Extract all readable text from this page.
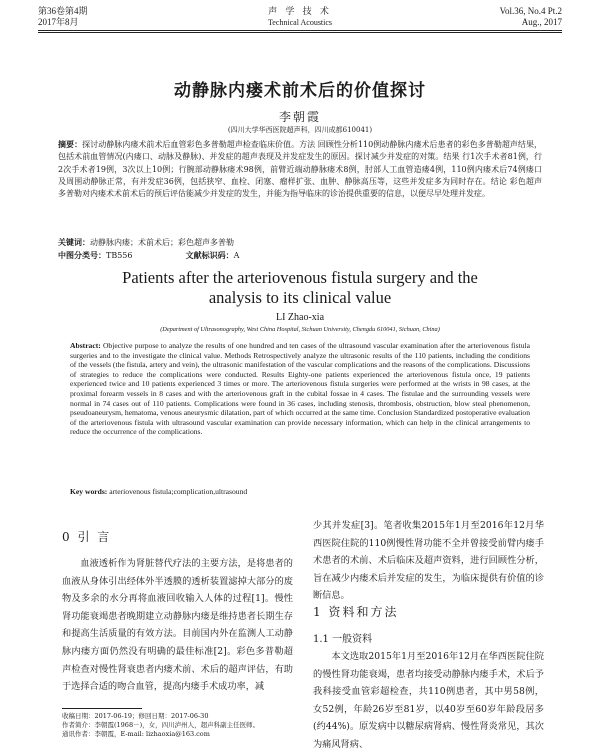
第36卷第4期
2017年8月
声 学 技 术
Technical Acoustics
Vol.36, No.4 Pt.2
Aug., 2017
动静脉内瘘术前术后的价值探讨
李朝霞
(四川大学华西医院超声科，四川成都610041)
摘要：探讨动静脉内瘘术前术后血管彩色多普勒超声检查临床价值。方法 回顾性分析110例动静脉内瘘术后患者的彩色多普勒超声结果，包括术前血管情况(内瘘口、动脉及静脉)、并发症的超声表现及并发症发生的原因。探讨减少并发症的对策。结果 行1次手术者81例，行2次手术者19例，3次以上10例；行腕部动静脉瘘术98例，前臂近端动静脉瘘术8例，肘部人工血管造瘘4例，110例内瘘术后74例瘘口及周围动静脉正常，有并发症36例，包括狭窄、血栓、闭塞、瘤样扩张、血肿、静脉高压等，这些并发症多为同时存在。结论 彩色超声多普勒对内瘘术术前术后的预后评估能减少并发症的发生，并能为指导临床的诊治提供重要的信息，以便尽早处理并发症。
关键词：动静脉内瘘；术前术后；彩色超声多普勒
中图分类号：TB556	文献标识码：A
Patients after the arteriovenous fistula surgery and the
analysis to its clinical value
LI Zhao-xia
(Department of Ultrasonography, West China Hospital, Sichuan University, Chengdu 610041, Sichuan, China)
Abstract: Objective purpose to analyze the results of one hundred and ten cases of the ultrasound vascular examination after the arteriovenous fistula surgeries and to the investigate the clinical value. Methods Retrospectively analyze the ultrasonic results of the 110 patients, including the conditions of the vessels (the fistula, artery and vein), the ultrasonic manifestation of the vascular complications and the reasons of the complications. Discussions of strategies to reduce the complications were conducted. Results Eighty-one patients experienced the arteriovenous fistula once, 19 patients experienced twice and 10 patients experienced 3 times or more. The arteriovenous fistula surgeries were performed at the wrists in 98 cases, at the proximal forearm vessels in 8 cases and with the arteriovenous graft in the cubital fossae in 4 cases. The fistulae and the surrounding vessels were normal in 74 cases out of 110 patients. Complications were found in 36 cases, including stenosis, thrombosis, obstruction, blow steal phenomenon, pseudoaneurysm, hematoma, venous aneurysmic dilatation, part of which occurred at the same time. Conclusion Standardized postoperative evaluation of the arteriovenous fistula with ultrasound vascular examination can provide necessary information, which can help in the clinical arrangements to reduce the occurrence of the complications.
Key words: arteriovenous fistula;complication,ultrasound
0 引 言
血液透析作为肾脏替代疗法的主要方法，是将患者的血液从身体引出经体外半透膜的透析装置滤掉大部分的废物及多余的水分再将血液回收输入人体的过程[1]。慢性肾功能衰竭患者晚期建立动静脉内瘘是维持患者长期生存和提高生活质量的有效方法。目前国内外在监测人工动静脉内瘘方面仍然没有明确的最佳标准[2]。彩色多普勒超声检查对慢性肾衰患者内瘘术前、术后的超声评估，有助于选择合适的吻合血管，提高内瘘手术成功率，减
少其并发症[3]。笔者收集2015年1月至2016年12月华西医院住院的110例慢性肾功能不全并曾接受前臂内瘘手术患者的术前、术后临床及超声资料，进行回顾性分析，旨在减少内瘘术后并发症的发生，为临床提供有价值的诊断信息。
1 资料和方法
1.1 一般资料
本文选取2015年1月至2016年12月在华西医院住院的慢性肾功能衰竭，患者均接受动静脉内瘘手术，术后予我科接受血管彩超检查，共110例患者，其中男58例，女52例，年龄26岁至81岁，以40岁至60岁年龄段居多(约44%)。原发病中以糖尿病肾病、慢性肾炎常见，其次为痛风肾病、
收稿日期：2017-06-19；修回日期：2017-06-30
作者简介：李朝霞(1968－)，女，四川泸州人，超声科副主任医师。
通讯作者：李朝霞，E-mail: lizhaoxia@163.com
